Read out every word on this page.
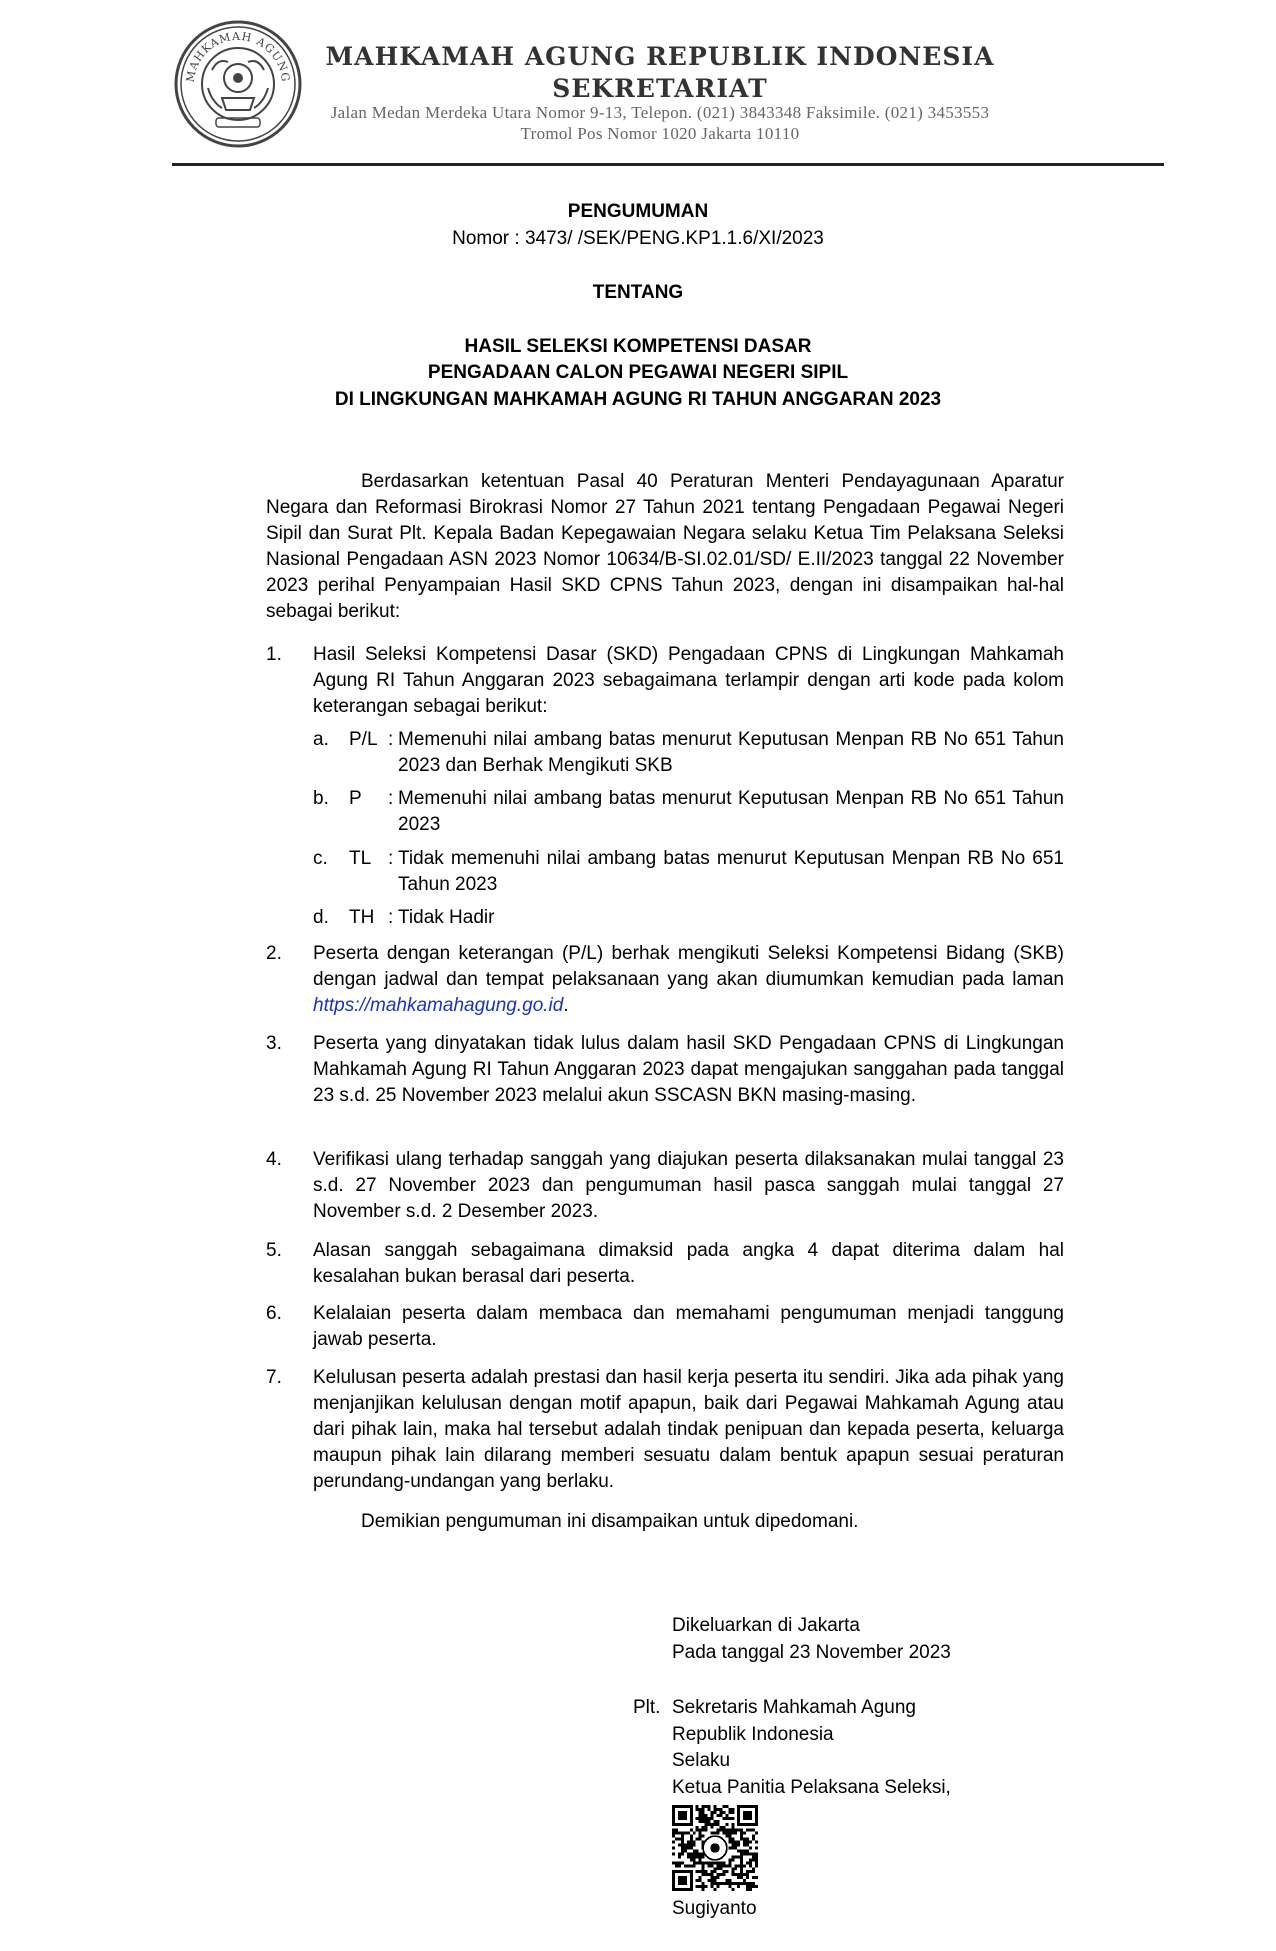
MAHKAMAH AGUNG
MAHKAMAH AGUNG REPUBLIK INDONESIA
SEKRETARIAT
Jalan Medan Merdeka Utara Nomor 9-13, Telepon. (021) 3843348 Faksimile. (021) 3453553
Tromol Pos Nomor 1020 Jakarta 10110
PENGUMUMAN
Nomor : 3473/ /SEK/PENG.KP1.1.6/XI/2023
TENTANG
HASIL SELEKSI KOMPETENSI DASAR
PENGADAAN CALON PEGAWAI NEGERI SIPIL
DI LINGKUNGAN MAHKAMAH AGUNG RI TAHUN ANGGARAN 2023
Berdasarkan ketentuan Pasal 40 Peraturan Menteri Pendayagunaan Aparatur Negara dan Reformasi Birokrasi Nomor 27 Tahun 2021 tentang Pengadaan Pegawai Negeri Sipil dan Surat Plt. Kepala Badan Kepegawaian Negara selaku Ketua Tim Pelaksana Seleksi Nasional Pengadaan ASN 2023 Nomor 10634/B-SI.02.01/SD/ E.II/2023 tanggal 22 November 2023 perihal Penyampaian Hasil SKD CPNS Tahun 2023, dengan ini disampaikan hal-hal sebagai berikut:
1. Hasil Seleksi Kompetensi Dasar (SKD) Pengadaan CPNS di Lingkungan Mahkamah Agung RI Tahun Anggaran 2023 sebagaimana terlampir dengan arti kode pada kolom keterangan sebagai berikut:
a. P/L : Memenuhi nilai ambang batas menurut Keputusan Menpan RB No 651 Tahun 2023 dan Berhak Mengikuti SKB
b. P : Memenuhi nilai ambang batas menurut Keputusan Menpan RB No 651 Tahun 2023
c. TL : Tidak memenuhi nilai ambang batas menurut Keputusan Menpan RB No 651 Tahun 2023
d. TH : Tidak Hadir
2. Peserta dengan keterangan (P/L) berhak mengikuti Seleksi Kompetensi Bidang (SKB) dengan jadwal dan tempat pelaksanaan yang akan diumumkan kemudian pada laman https://mahkamahagung.go.id.
3. Peserta yang dinyatakan tidak lulus dalam hasil SKD Pengadaan CPNS di Lingkungan Mahkamah Agung RI Tahun Anggaran 2023 dapat mengajukan sanggahan pada tanggal 23 s.d. 25 November 2023 melalui akun SSCASN BKN masing-masing.
4. Verifikasi ulang terhadap sanggah yang diajukan peserta dilaksanakan mulai tanggal 23 s.d. 27 November 2023 dan pengumuman hasil pasca sanggah mulai tanggal 27 November s.d. 2 Desember 2023.
5. Alasan sanggah sebagaimana dimaksid pada angka 4 dapat diterima dalam hal kesalahan bukan berasal dari peserta.
6. Kelalaian peserta dalam membaca dan memahami pengumuman menjadi tanggung jawab peserta.
7. Kelulusan peserta adalah prestasi dan hasil kerja peserta itu sendiri. Jika ada pihak yang menjanjikan kelulusan dengan motif apapun, baik dari Pegawai Mahkamah Agung atau dari pihak lain, maka hal tersebut adalah tindak penipuan dan kepada peserta, keluarga maupun pihak lain dilarang memberi sesuatu dalam bentuk apapun sesuai peraturan perundang-undangan yang berlaku.
Demikian pengumuman ini disampaikan untuk dipedomani.
Dikeluarkan di Jakarta
Pada tanggal 23 November 2023
Plt. Sekretaris Mahkamah Agung
Republik Indonesia
Selaku
Ketua Panitia Pelaksana Seleksi,
Sugiyanto
